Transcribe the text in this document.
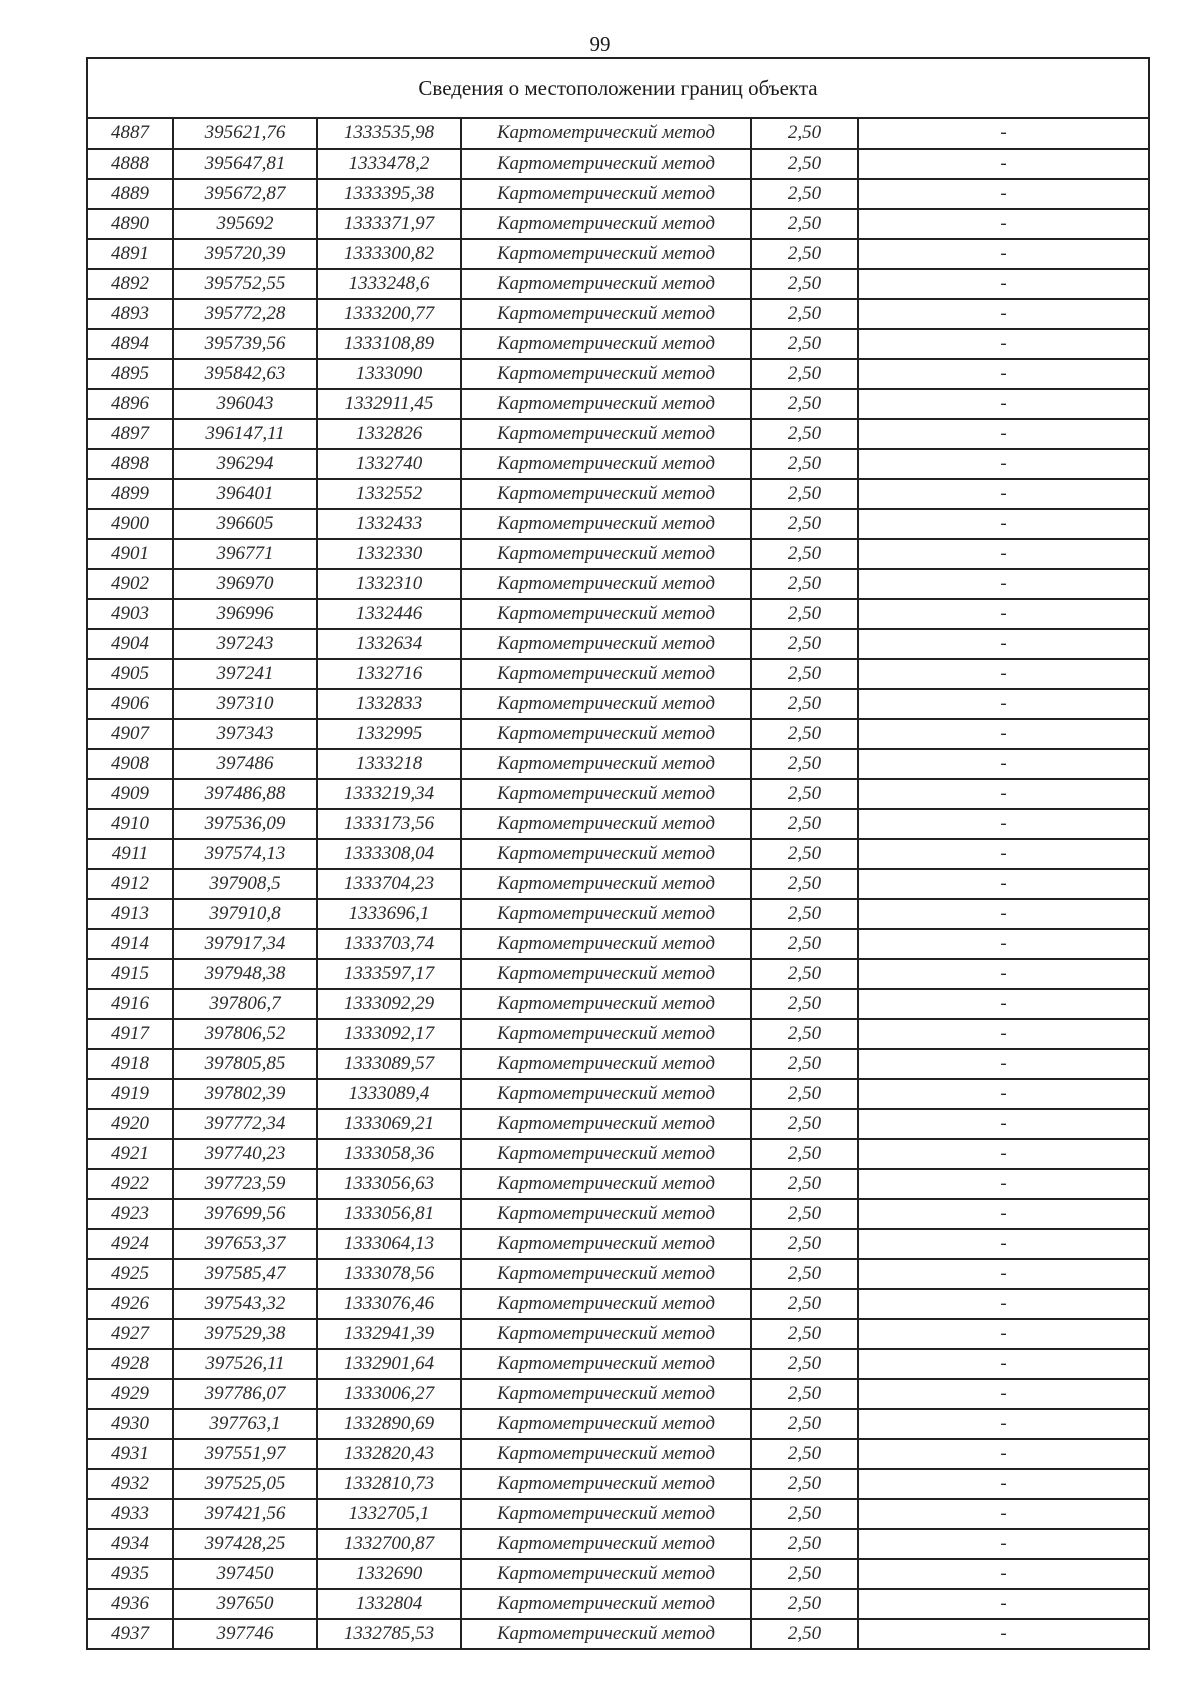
99
Сведения о местоположении границ объекта
4887	395621,76	1333535,98	Картометрический метод	2,50	-
4888	395647,81	1333478,2	Картометрический метод	2,50	-
4889	395672,87	1333395,38	Картометрический метод	2,50	-
4890	395692	1333371,97	Картометрический метод	2,50	-
4891	395720,39	1333300,82	Картометрический метод	2,50	-
4892	395752,55	1333248,6	Картометрический метод	2,50	-
4893	395772,28	1333200,77	Картометрический метод	2,50	-
4894	395739,56	1333108,89	Картометрический метод	2,50	-
4895	395842,63	1333090	Картометрический метод	2,50	-
4896	396043	1332911,45	Картометрический метод	2,50	-
4897	396147,11	1332826	Картометрический метод	2,50	-
4898	396294	1332740	Картометрический метод	2,50	-
4899	396401	1332552	Картометрический метод	2,50	-
4900	396605	1332433	Картометрический метод	2,50	-
4901	396771	1332330	Картометрический метод	2,50	-
4902	396970	1332310	Картометрический метод	2,50	-
4903	396996	1332446	Картометрический метод	2,50	-
4904	397243	1332634	Картометрический метод	2,50	-
4905	397241	1332716	Картометрический метод	2,50	-
4906	397310	1332833	Картометрический метод	2,50	-
4907	397343	1332995	Картометрический метод	2,50	-
4908	397486	1333218	Картометрический метод	2,50	-
4909	397486,88	1333219,34	Картометрический метод	2,50	-
4910	397536,09	1333173,56	Картометрический метод	2,50	-
4911	397574,13	1333308,04	Картометрический метод	2,50	-
4912	397908,5	1333704,23	Картометрический метод	2,50	-
4913	397910,8	1333696,1	Картометрический метод	2,50	-
4914	397917,34	1333703,74	Картометрический метод	2,50	-
4915	397948,38	1333597,17	Картометрический метод	2,50	-
4916	397806,7	1333092,29	Картометрический метод	2,50	-
4917	397806,52	1333092,17	Картометрический метод	2,50	-
4918	397805,85	1333089,57	Картометрический метод	2,50	-
4919	397802,39	1333089,4	Картометрический метод	2,50	-
4920	397772,34	1333069,21	Картометрический метод	2,50	-
4921	397740,23	1333058,36	Картометрический метод	2,50	-
4922	397723,59	1333056,63	Картометрический метод	2,50	-
4923	397699,56	1333056,81	Картометрический метод	2,50	-
4924	397653,37	1333064,13	Картометрический метод	2,50	-
4925	397585,47	1333078,56	Картометрический метод	2,50	-
4926	397543,32	1333076,46	Картометрический метод	2,50	-
4927	397529,38	1332941,39	Картометрический метод	2,50	-
4928	397526,11	1332901,64	Картометрический метод	2,50	-
4929	397786,07	1333006,27	Картометрический метод	2,50	-
4930	397763,1	1332890,69	Картометрический метод	2,50	-
4931	397551,97	1332820,43	Картометрический метод	2,50	-
4932	397525,05	1332810,73	Картометрический метод	2,50	-
4933	397421,56	1332705,1	Картометрический метод	2,50	-
4934	397428,25	1332700,87	Картометрический метод	2,50	-
4935	397450	1332690	Картометрический метод	2,50	-
4936	397650	1332804	Картометрический метод	2,50	-
4937	397746	1332785,53	Картометрический метод	2,50	-
